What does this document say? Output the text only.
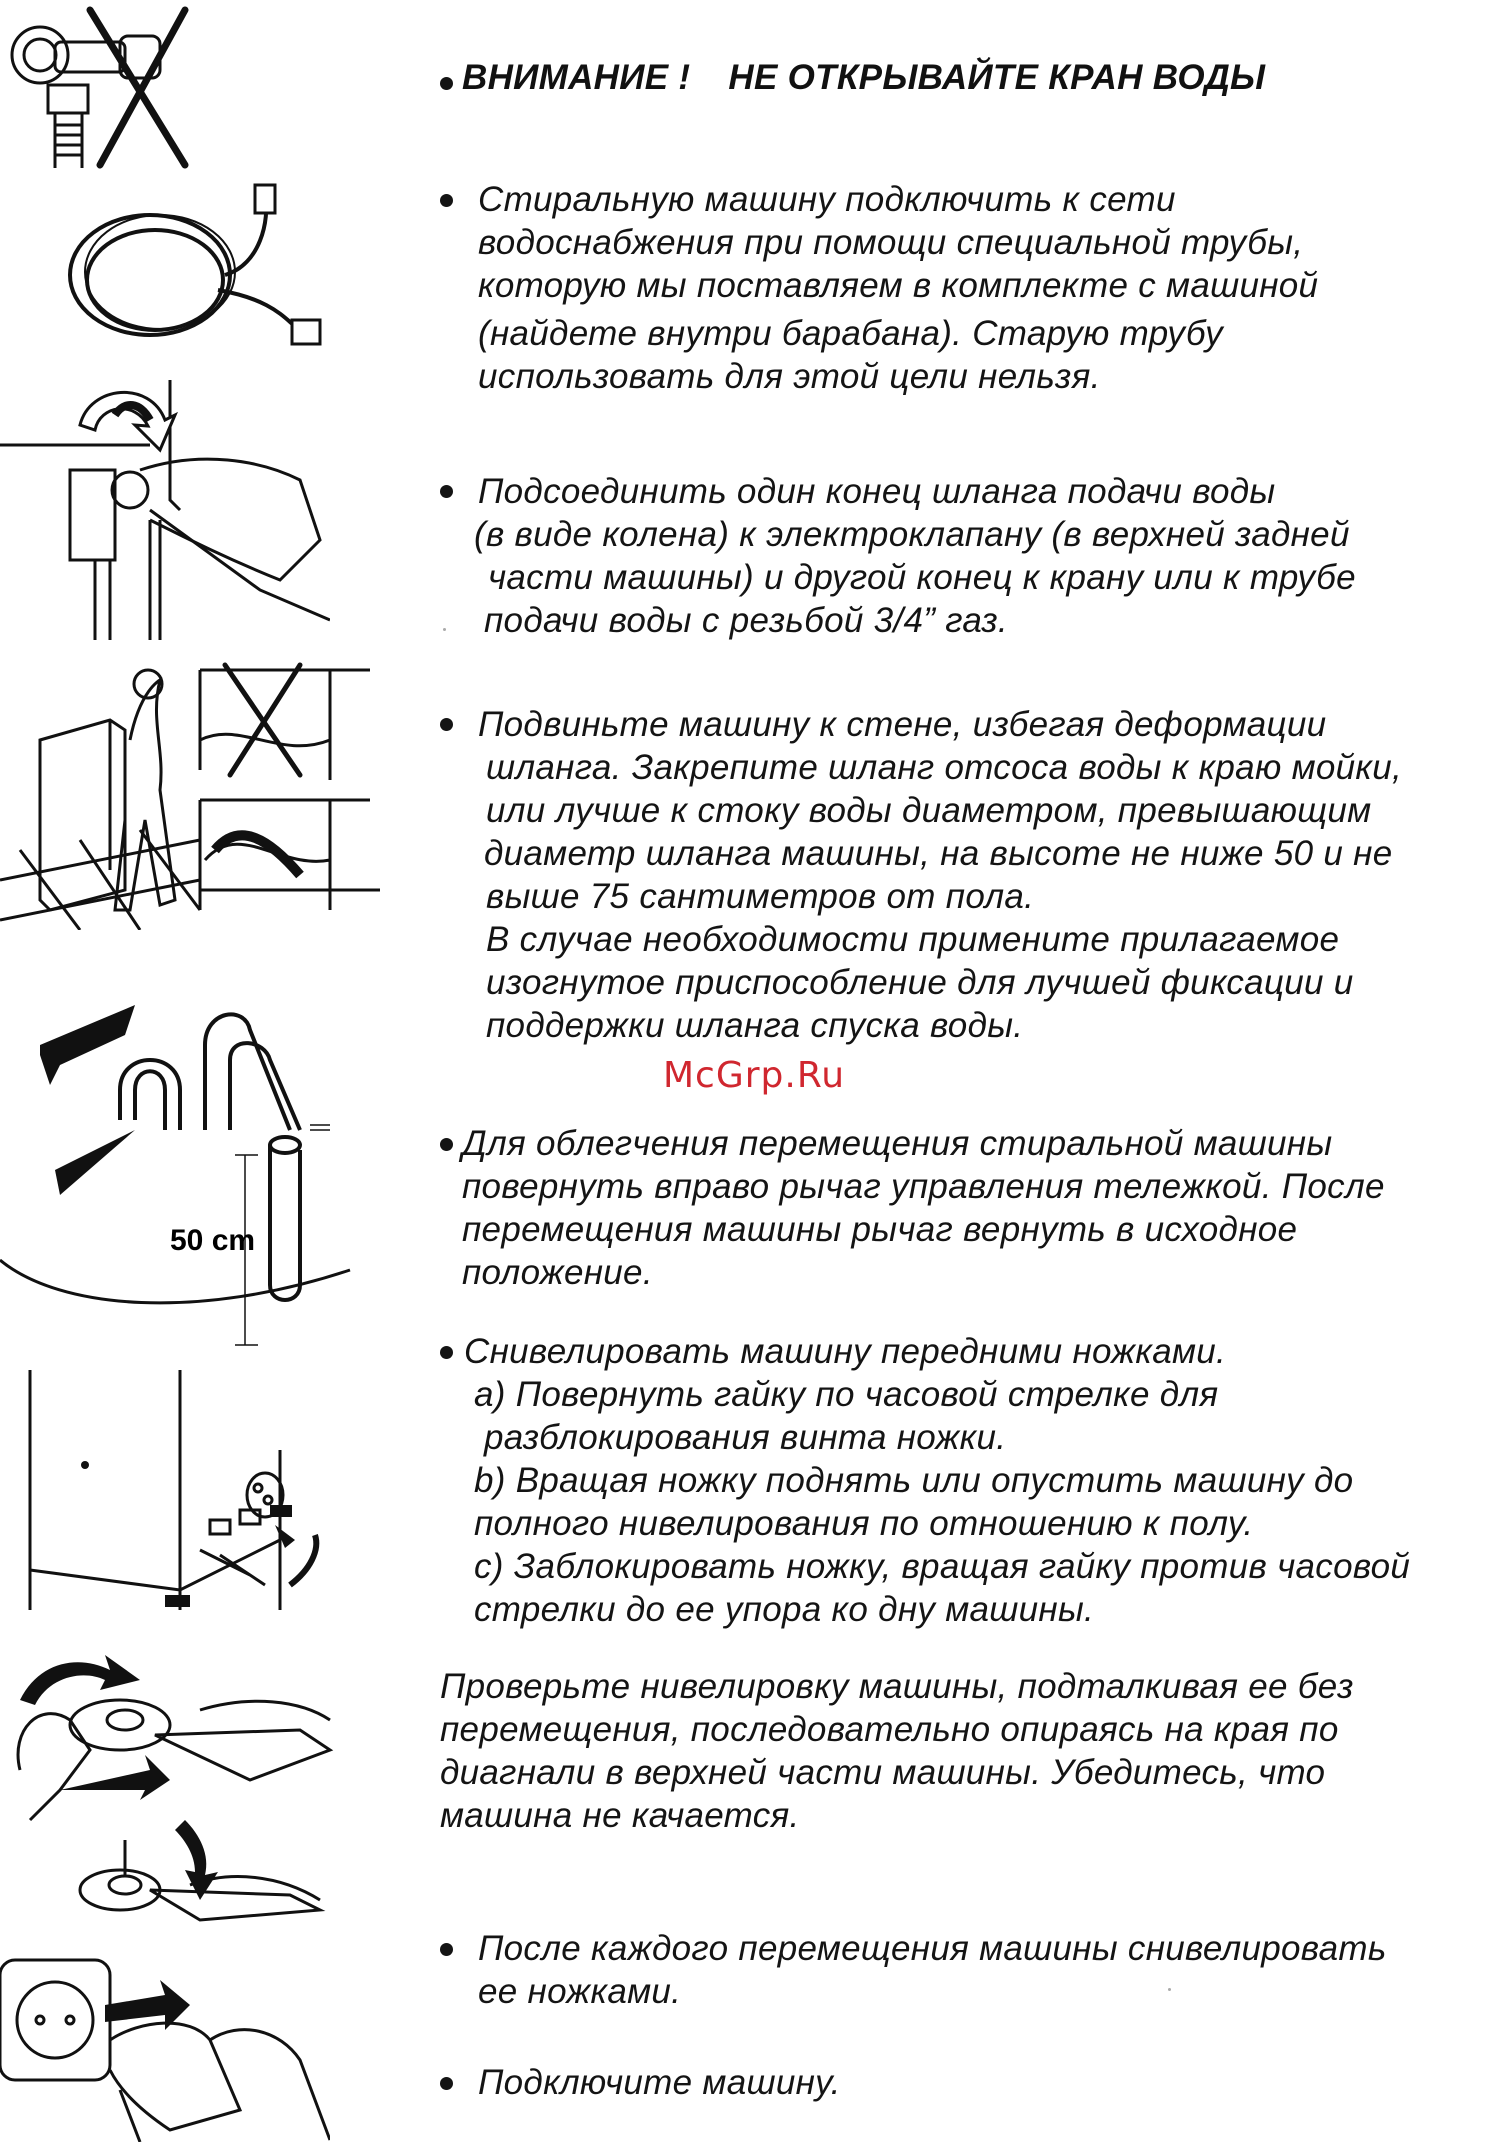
50 cm
ВНИМАНИЕ ! НЕ ОТКРЫВАЙТЕ КРАН ВОДЫ
Стиральную машину подключить к сети
водоснабжения при помощи специальной трубы,
которую мы поставляем в комплекте с машиной
(найдете внутри барабана). Старую трубу
использовать для этой цели нельзя.
Подсоединить один конец шланга подачи воды
(в виде колена) к электроклапану (в верхней задней
части машины) и другой конец к крану или к трубе
подачи воды с резьбой 3/4” газ.
Подвиньте машину к стене, избегая деформации
шланга. Закрепите шланг отсоса воды к краю мойки,
или лучше к стоку воды диаметром, превышающим
диаметр шланга машины, на высоте не ниже 50 и не
выше 75 сантиметров от пола.
В случае необходимости примените прилагаемое
изогнутое приспособление для лучшей фиксации и
поддержки шланга спуска воды.
McGrp.Ru
Для облегчения перемещения стиральной машины
повернуть вправо рычаг управления тележкой. После
перемещения машины рычаг вернуть в исходное
положение.
Снивелировать машину передними ножками.
a) Повернуть гайку по часовой стрелке для
разблокирования винта ножки.
b) Вращая ножку поднять или опустить машину до
полного нивелирования по отношению к полу.
c) Заблокировать ножку, вращая гайку против часовой
стрелки до ее упора ко дну машины.
Проверьте нивелировку машины, подталкивая ее без
перемещения, последовательно опираясь на края по
диагнали в верхней части машины. Убедитесь, что
машина не качается.
После каждого перемещения машины снивелировать
ее ножками.
Подключите машину.
